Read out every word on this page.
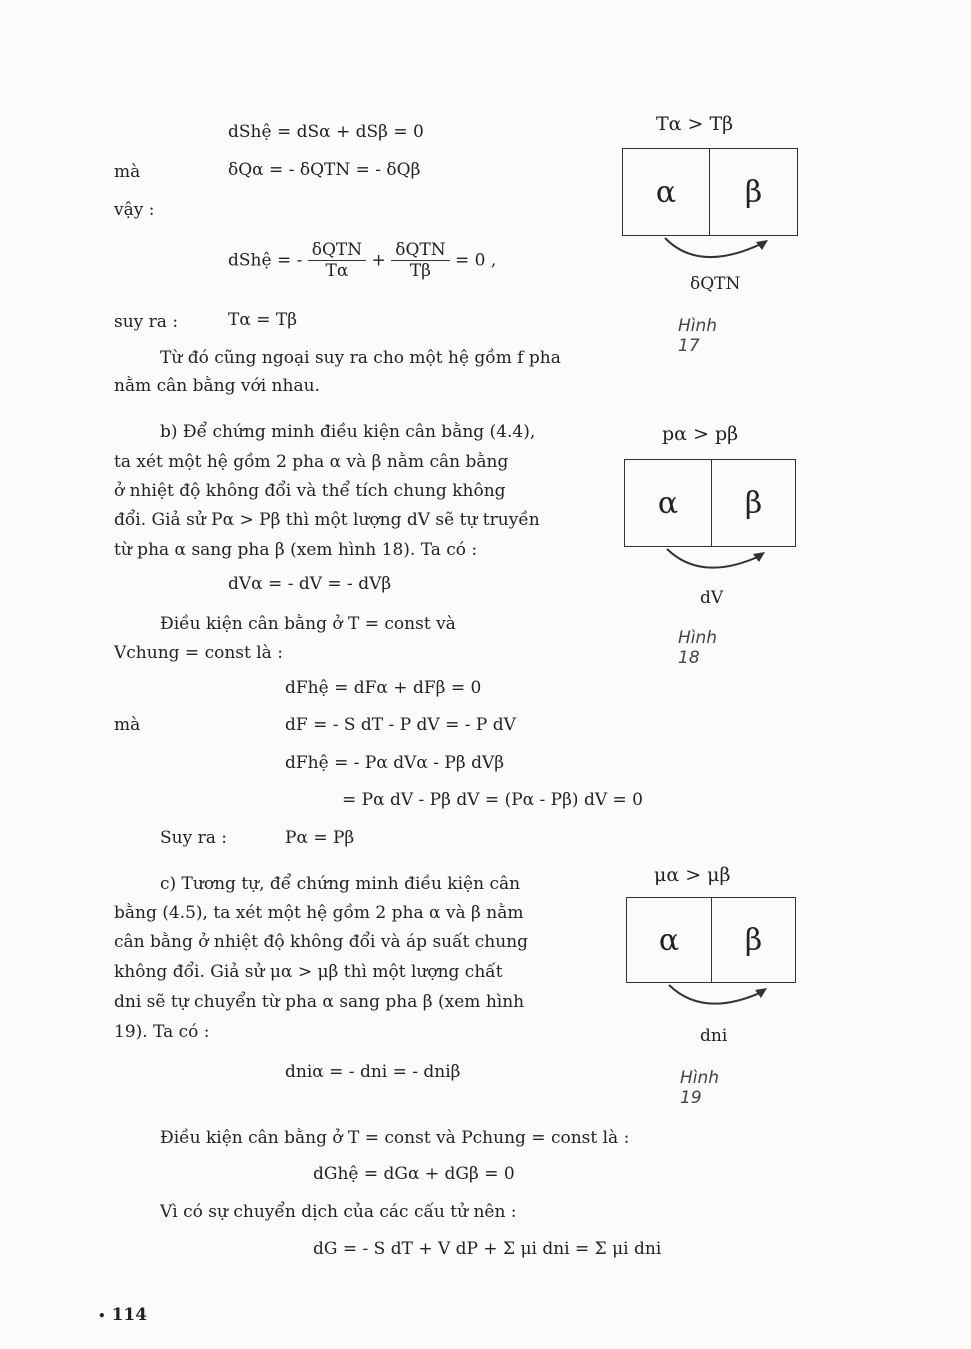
dShệ = dSα + dSβ = 0
mà	δQα = - δQTN = - δQβ
vậy :
dShệ = - $\frac{\text{δQTN}}{T\alpha} + \frac{\text{δQTN}}{T\beta} = 0$ ,
suy ra :	Tα = Tβ
Từ đó cũng ngoại suy ra cho một hệ gồm f pha
nằm cân bằng với nhau.
b) Để chứng minh điều kiện cân bằng (4.4),
ta xét một hệ gồm 2 pha α và β nằm cân bằng
ở nhiệt độ không đổi và thể tích chung không
đổi. Giả sử Pα > Pβ thì một lượng dV sẽ tự truyền
từ pha α sang pha β (xem hình 18). Ta có :
dVα = - dV = - dVβ
Điều kiện cân bằng ở T = const và
Vchung = const là :
dFhệ = dFα + dFβ = 0
mà	dF = - S dT - P dV = - P dV
dFhệ = - Pα dVα - Pβ dVβ
= Pα dV - Pβ dV = (Pα - Pβ) dV = 0
Suy ra :	Pα = Pβ
c) Tương tự, để chứng minh điều kiện cân
bằng (4.5), ta xét một hệ gồm 2 pha α và β nằm
cân bằng ở nhiệt độ không đổi và áp suất chung
không đổi. Giả sử μα > μβ thì một lượng chất
dni sẽ tự chuyển từ pha α sang pha β (xem hình
19). Ta có :
dniα = - dni = - dniβ
Điều kiện cân bằng ở T = const và Pchung = const là :
dGhệ = dGα + dGβ = 0
Vì có sự chuyển dịch của các cấu tử nên :
dG = - S dT + V dP + Σ μi dni = Σ μi dni
Tα > Tβ
α	β
δQTN
Hình 17
pα > pβ
α	β
dV
Hình 18
μα > μβ
α	β
dni
Hình 19
• 114
